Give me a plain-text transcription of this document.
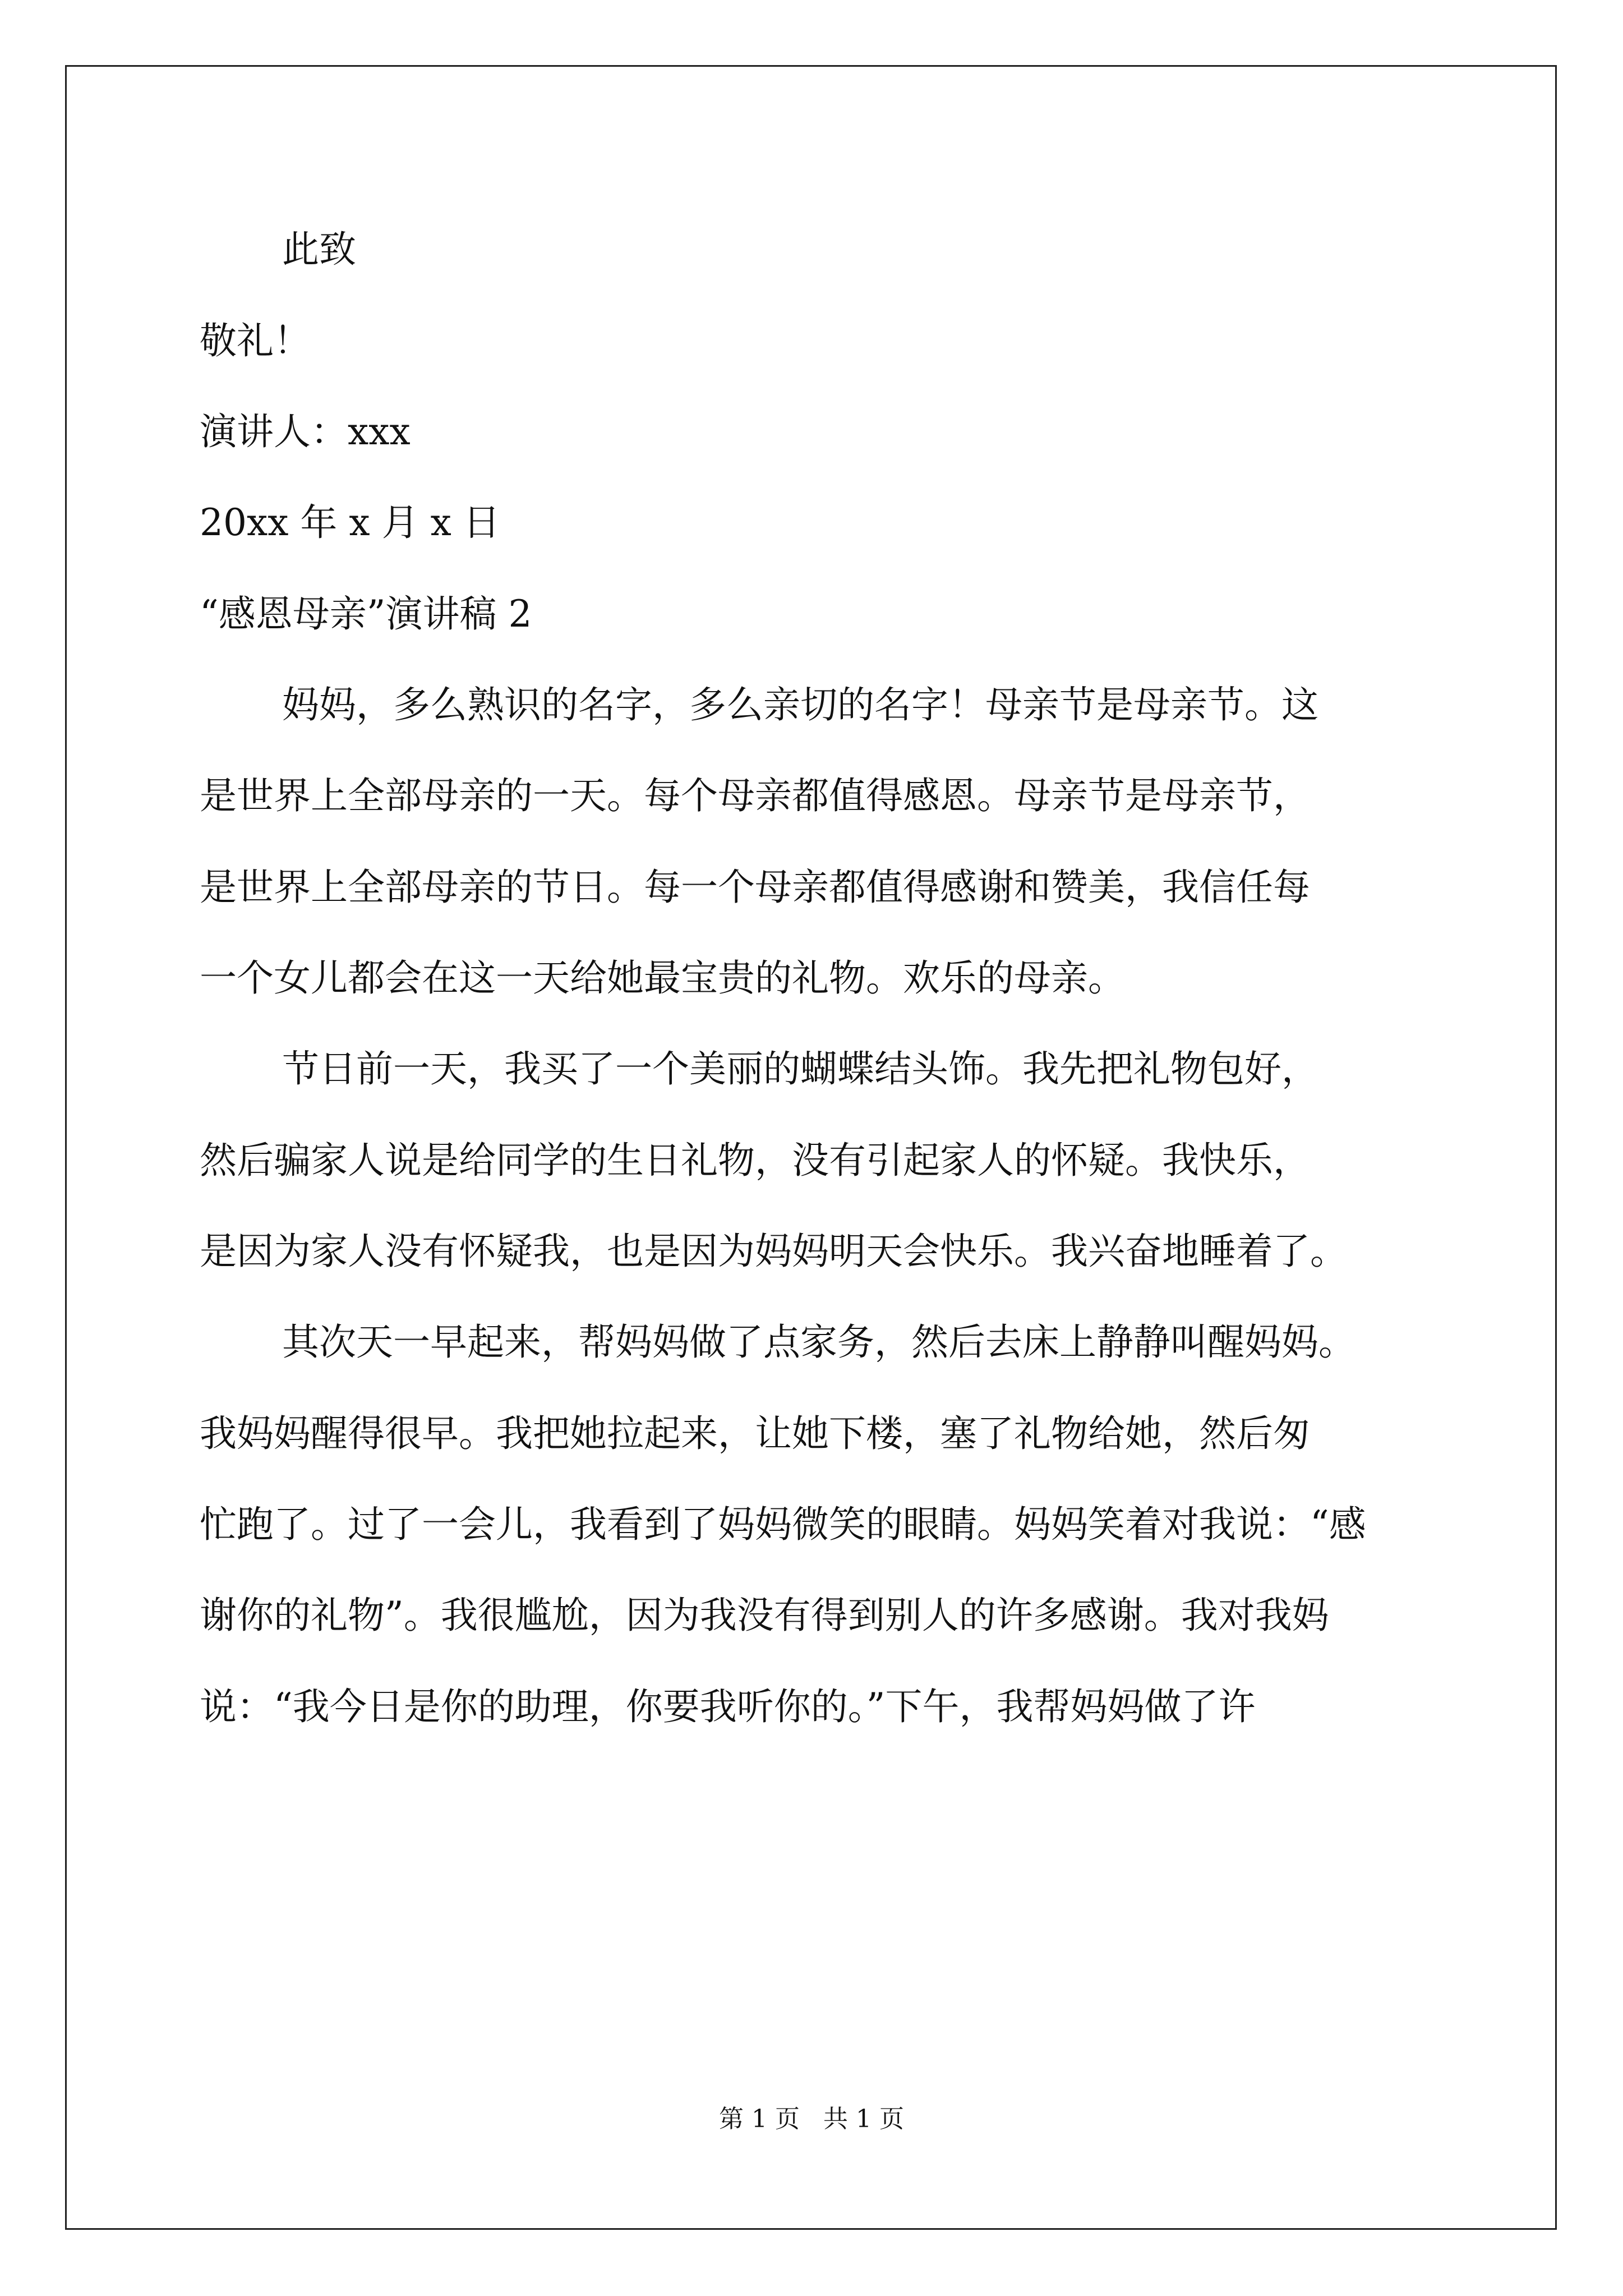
此致
敬礼！
演讲人：xxx
20xx 年 x 月 x 日
“感恩母亲”演讲稿 2
妈妈，多么熟识的名字，多么亲切的名字！母亲节是母亲节。这
是世界上全部母亲的一天。每个母亲都值得感恩。母亲节是母亲节，
是世界上全部母亲的节日。每一个母亲都值得感谢和赞美，我信任每
一个女儿都会在这一天给她最宝贵的礼物。欢乐的母亲。
节日前一天，我买了一个美丽的蝴蝶结头饰。我先把礼物包好，
然后骗家人说是给同学的生日礼物，没有引起家人的怀疑。我快乐，
是因为家人没有怀疑我，也是因为妈妈明天会快乐。我兴奋地睡着了。
其次天一早起来，帮妈妈做了点家务，然后去床上静静叫醒妈妈。
我妈妈醒得很早。我把她拉起来，让她下楼，塞了礼物给她，然后匆
忙跑了。过了一会儿，我看到了妈妈微笑的眼睛。妈妈笑着对我说：“感
谢你的礼物”。我很尴尬，因为我没有得到别人的许多感谢。我对我妈
说：“我今日是你的助理，你要我听你的。”下午，我帮妈妈做了许
第 1 页   共 1 页
